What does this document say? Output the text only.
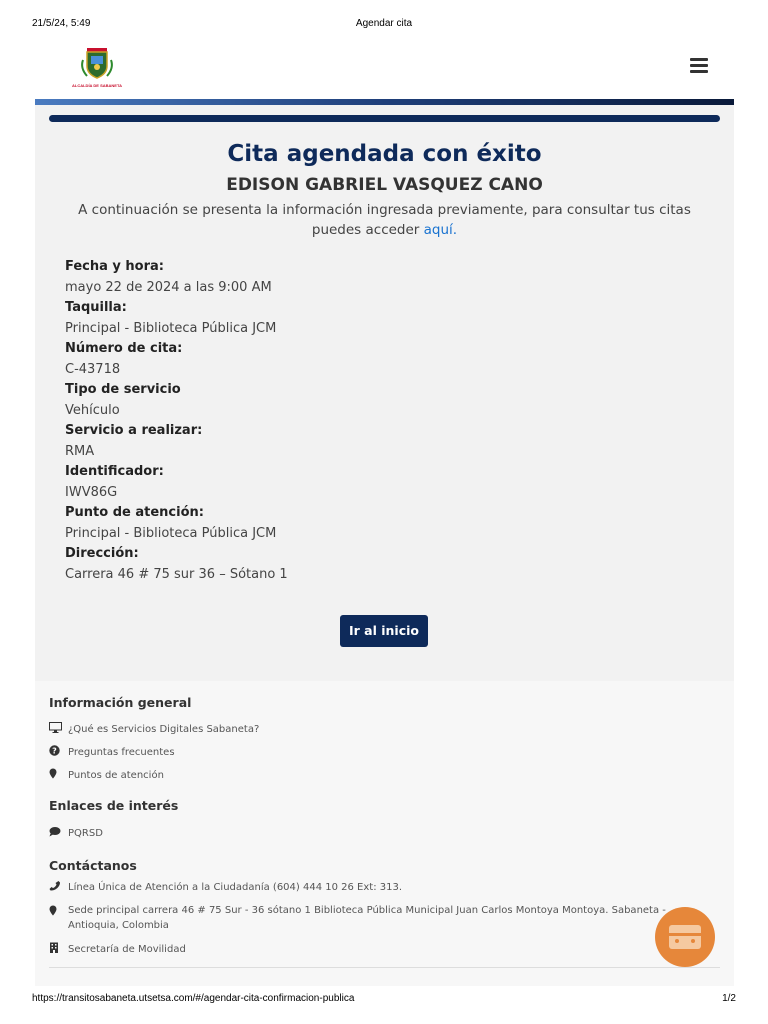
21/5/24, 5:49	Agendar cita
ALCALDÍA DE SABANETA
Cita agendada con éxito
EDISON GABRIEL VASQUEZ CANO
A continuación se presenta la información ingresada previamente, para consultar tus citas puedes acceder aquí.
Fecha y hora:
mayo 22 de 2024 a las 9:00 AM
Taquilla:
Principal - Biblioteca Pública JCM
Número de cita:
C-43718
Tipo de servicio
Vehículo
Servicio a realizar:
RMA
Identificador:
IWV86G
Punto de atención:
Principal - Biblioteca Pública JCM
Dirección:
Carrera 46 # 75 sur 36 – Sótano 1
Ir al inicio
Información general
¿Qué es Servicios Digitales Sabaneta?
? Preguntas frecuentes
Puntos de atención
Enlaces de interés
PQRSD
Contáctanos
Línea Única de Atención a la Ciudadanía (604) 444 10 26 Ext: 313.
Sede principal carrera 46 # 75 Sur - 36 sótano 1 Biblioteca Pública Municipal Juan Carlos Montoya Montoya. Sabaneta - Antioquia, Colombia
Secretaría de Movilidad
https://transitosabaneta.utsetsa.com/#/agendar-cita-confirmacion-publica	1/2
